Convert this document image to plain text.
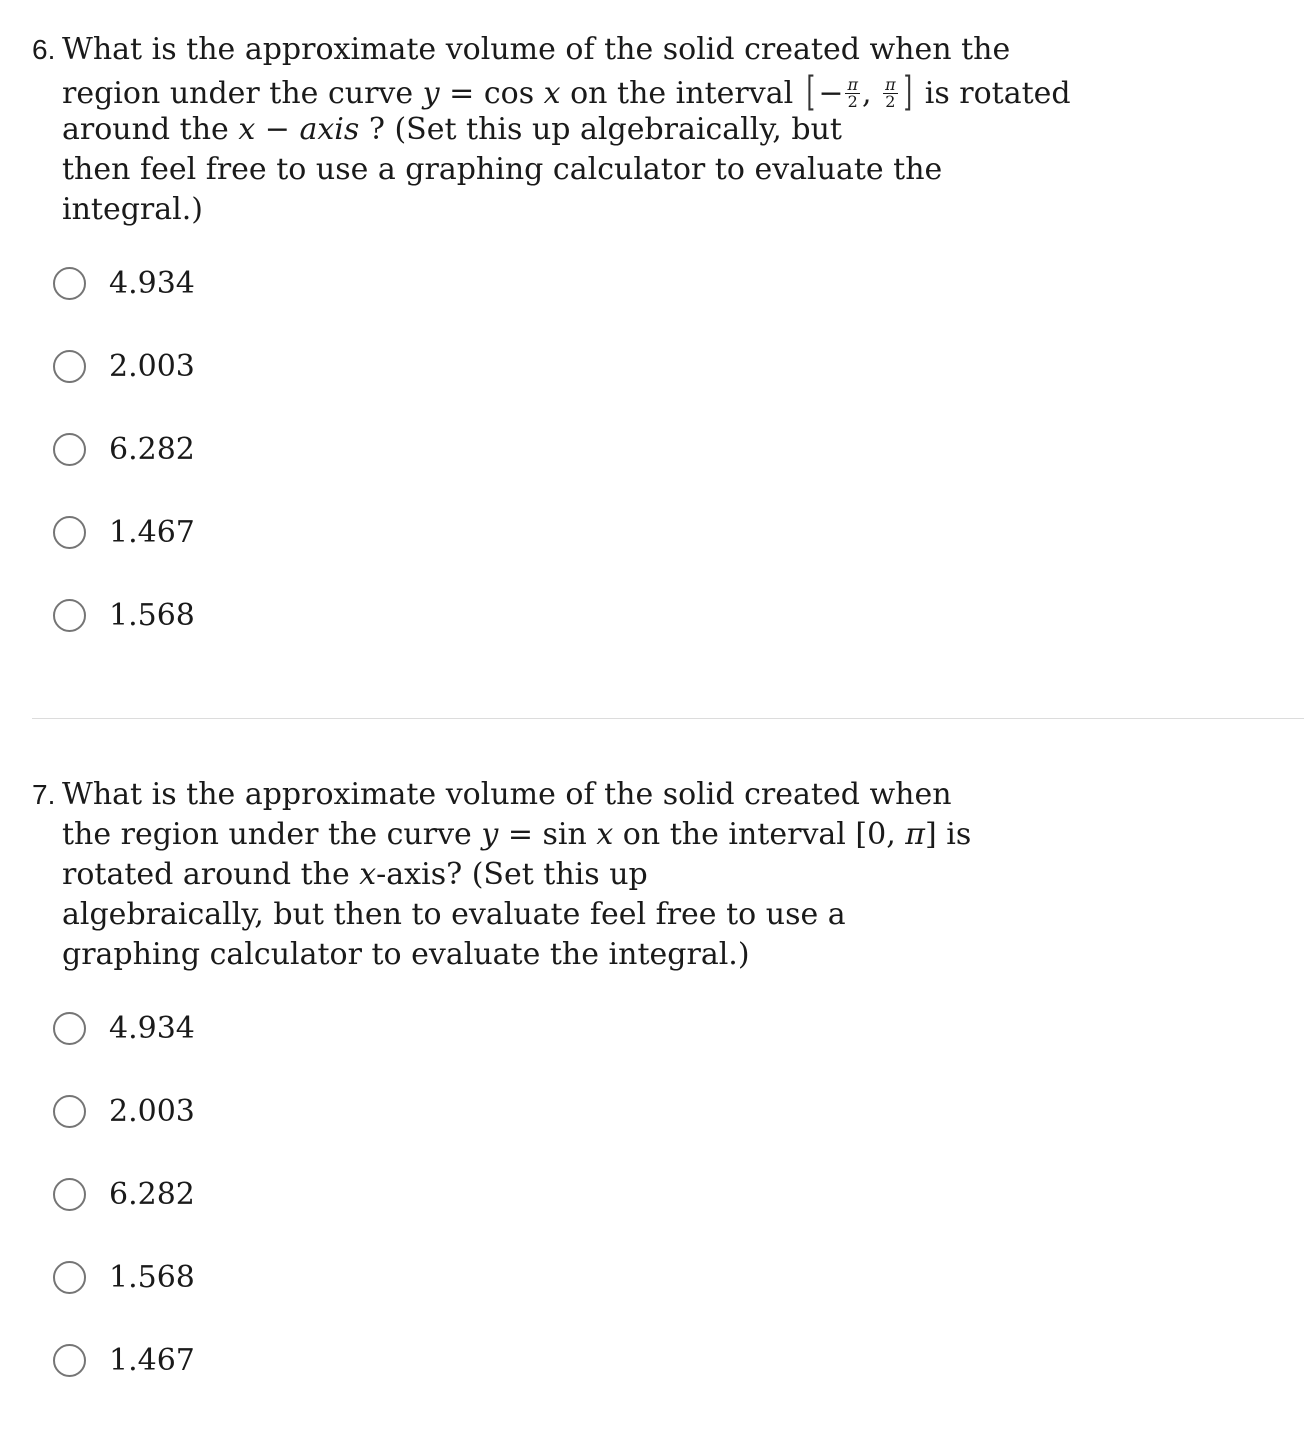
6. What is the approximate volume of the solid created when the
region under the curve y = cos x on the interval [ − $\frac{\pi}{2}$ , $\frac{\pi}{2}$ ] is rotated
around the x − axis ? (Set this up algebraically, but
then feel free to use a graphing calculator to evaluate the
integral.)
4.934
2.003
6.282
1.467
1.568
7. What is the approximate volume of the solid created when
the region under the curve y = sin x on the interval [0, π] is
rotated around the x-axis? (Set this up
algebraically, but then to evaluate feel free to use a
graphing calculator to evaluate the integral.)
4.934
2.003
6.282
1.568
1.467
